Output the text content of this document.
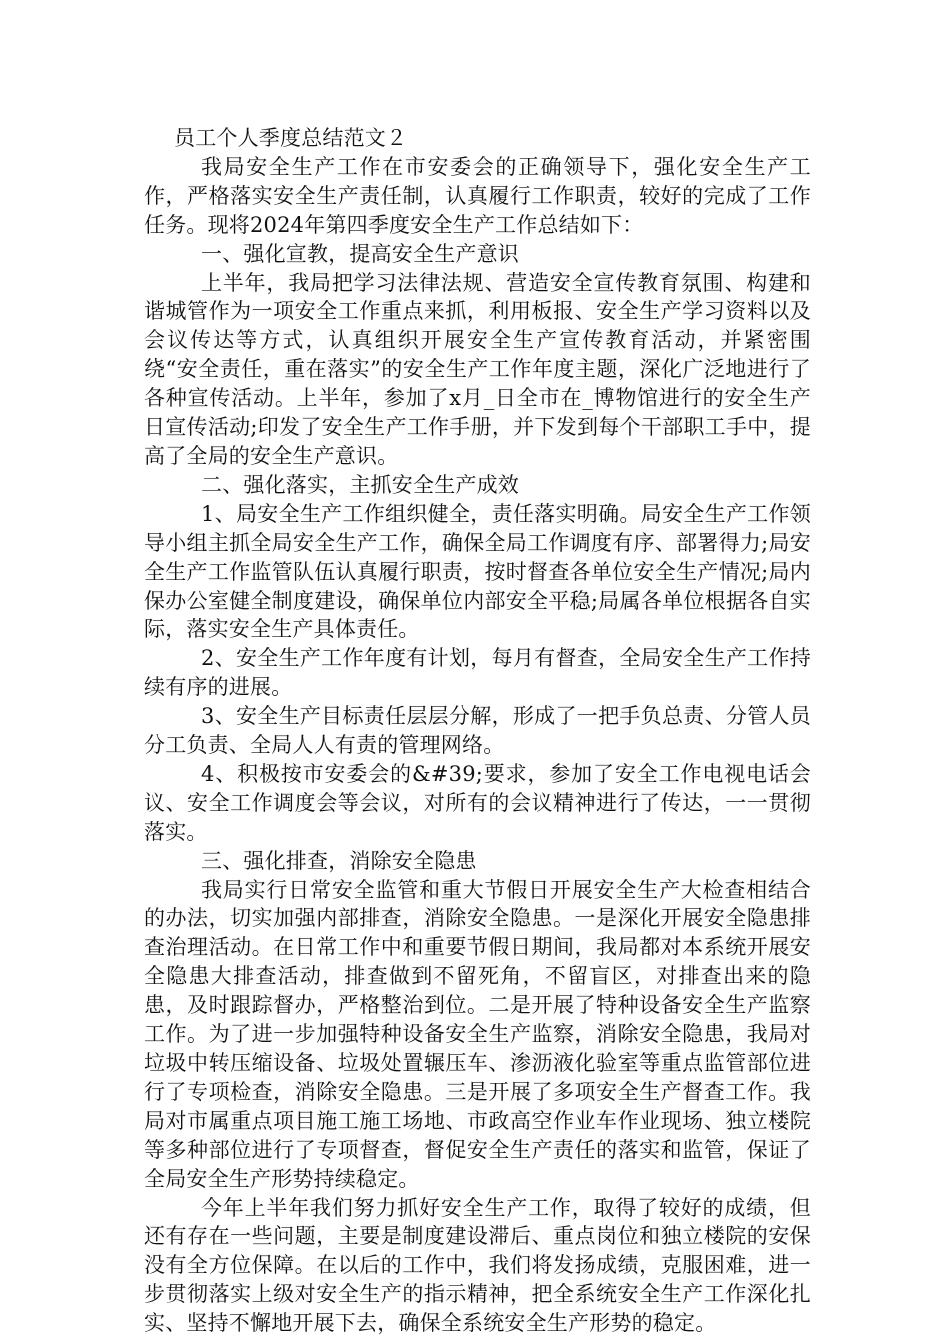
员工个人季度总结范文２

我局安全生产工作在市安委会的正确领导下，强化安全生产工作，严格落实安全生产责任制，认真履行工作职责，较好的完成了工作任务。现将2024年第四季度安全生产工作总结如下：

一、强化宣教，提高安全生产意识

上半年，我局把学习法律法规、营造安全宣传教育氛围、构建和谐城管作为一项安全工作重点来抓，利用板报、安全生产学习资料以及会议传达等方式，认真组织开展安全生产宣传教育活动，并紧密围绕“安全责任，重在落实”的安全生产工作年度主题，深化广泛地进行了各种宣传活动。上半年，参加了x月_日全市在_博物馆进行的安全生产日宣传活动;印发了安全生产工作手册，并下发到每个干部职工手中，提高了全局的安全生产意识。

二、强化落实，主抓安全生产成效

1、局安全生产工作组织健全，责任落实明确。局安全生产工作领导小组主抓全局安全生产工作，确保全局工作调度有序、部署得力;局安全生产工作监管队伍认真履行职责，按时督查各单位安全生产情况;局内保办公室健全制度建设，确保单位内部安全平稳;局属各单位根据各自实际，落实安全生产具体责任。

2、安全生产工作年度有计划，每月有督查，全局安全生产工作持续有序的进展。

3、安全生产目标责任层层分解，形成了一把手负总责、分管人员分工负责、全局人人有责的管理网络。

4、积极按市安委会的&#39;要求，参加了安全工作电视电话会议、安全工作调度会等会议，对所有的会议精神进行了传达，一一贯彻落实。

三、强化排查，消除安全隐患

我局实行日常安全监管和重大节假日开展安全生产大检查相结合的办法，切实加强内部排查，消除安全隐患。一是深化开展安全隐患排查治理活动。在日常工作中和重要节假日期间，我局都对本系统开展安全隐患大排查活动，排查做到不留死角，不留盲区，对排查出来的隐患，及时跟踪督办，严格整治到位。二是开展了特种设备安全生产监察工作。为了进一步加强特种设备安全生产监察，消除安全隐患，我局对垃圾中转压缩设备、垃圾处置辗压车、渗沥液化验室等重点监管部位进行了专项检查，消除安全隐患。三是开展了多项安全生产督查工作。我局对市属重点项目施工施工场地、市政高空作业车作业现场、独立楼院等多种部位进行了专项督查，督促安全生产责任的落实和监管，保证了全局安全生产形势持续稳定。

今年上半年我们努力抓好安全生产工作，取得了较好的成绩，但还有存在一些问题，主要是制度建设滞后、重点岗位和独立楼院的安保没有全方位保障。在以后的工作中，我们将发扬成绩，克服困难，进一步贯彻落实上级对安全生产的指示精神，把全系统安全生产工作深化扎实、坚持不懈地开展下去，确保全系统安全生产形势的稳定。
